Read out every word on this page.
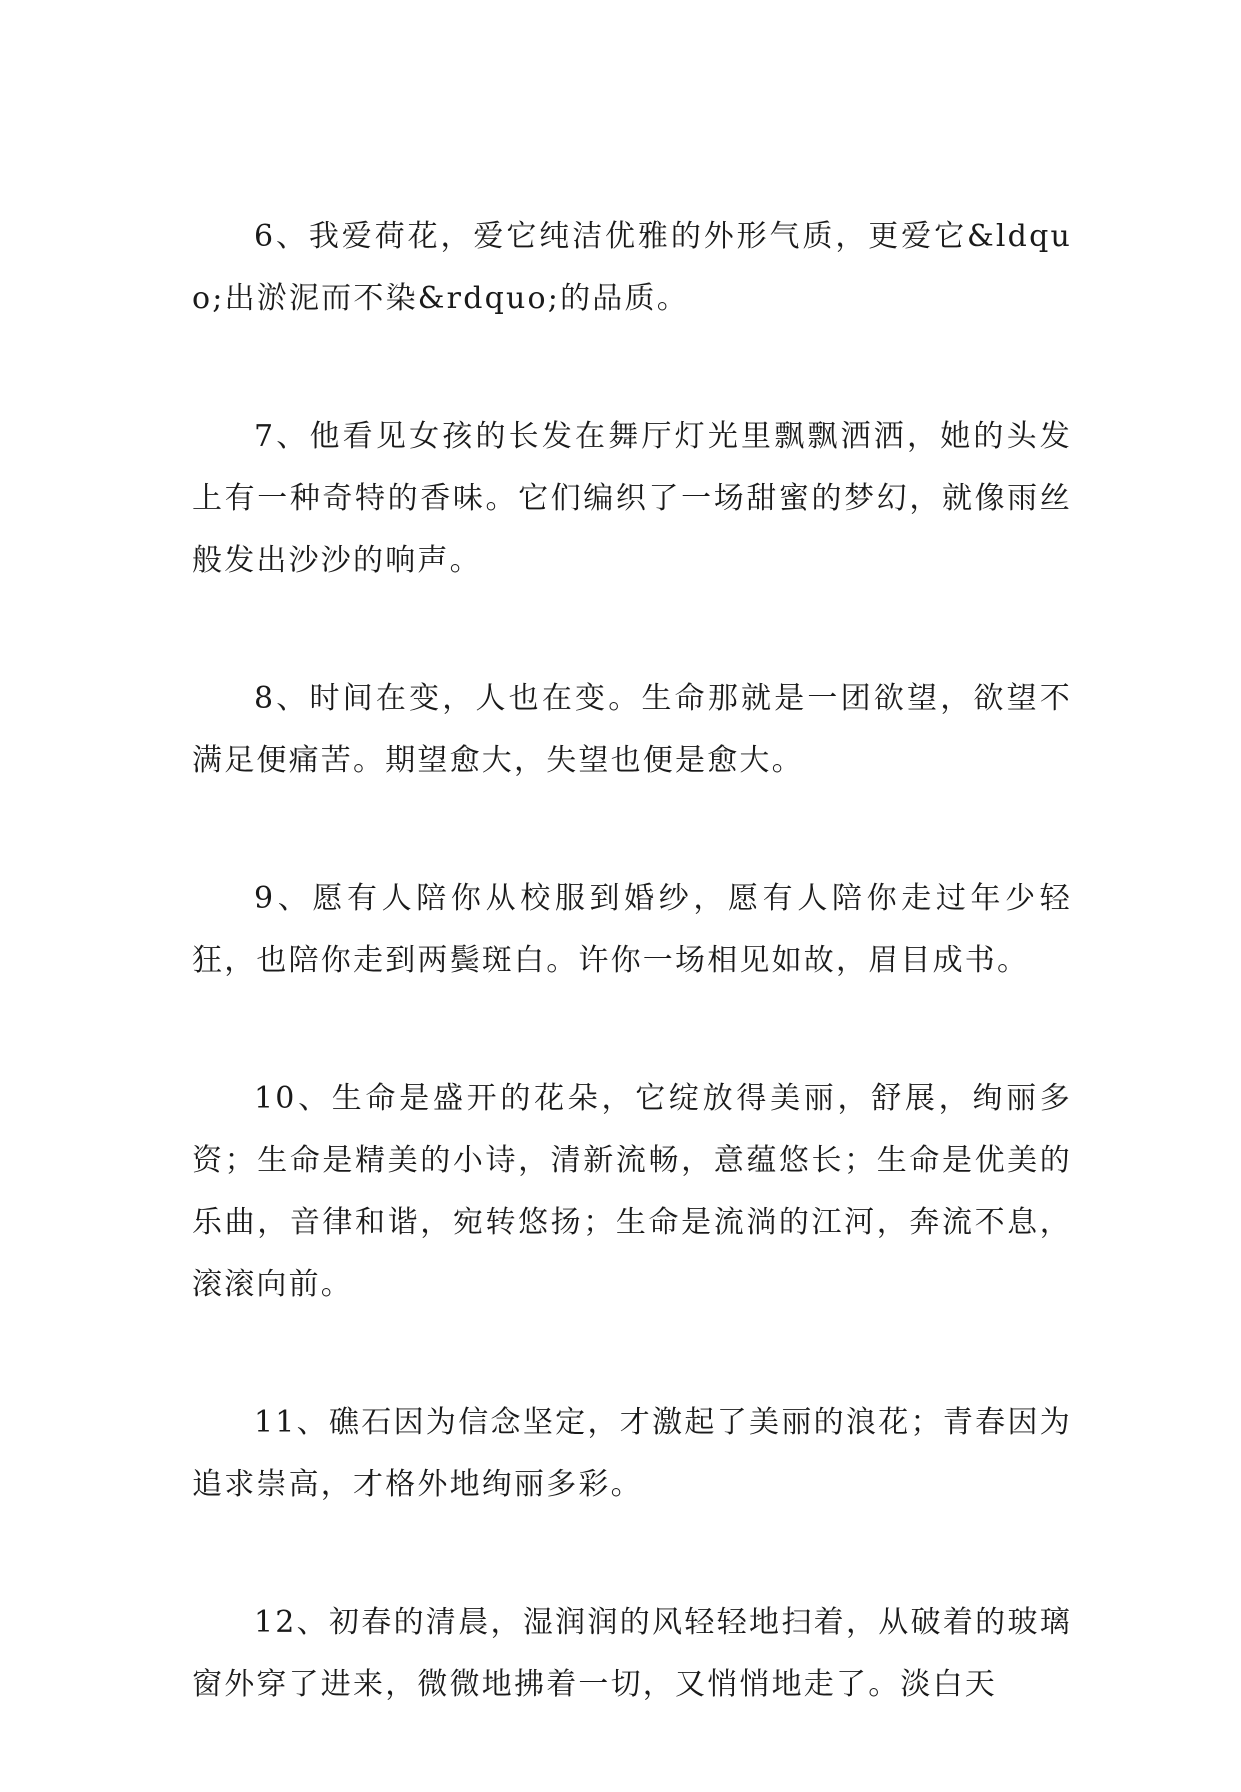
6、我爱荷花，爱它纯洁优雅的外形气质，更爱它&ldquo;出淤泥而不染&rdquo;的品质。

7、他看见女孩的长发在舞厅灯光里飘飘洒洒，她的头发上有一种奇特的香味。它们编织了一场甜蜜的梦幻，就像雨丝般发出沙沙的响声。

8、时间在变，人也在变。生命那就是一团欲望，欲望不满足便痛苦。期望愈大，失望也便是愈大。

9、愿有人陪你从校服到婚纱，愿有人陪你走过年少轻狂，也陪你走到两鬓斑白。许你一场相见如故，眉目成书。

10、生命是盛开的花朵，它绽放得美丽，舒展，绚丽多资；生命是精美的小诗，清新流畅，意蕴悠长；生命是优美的乐曲，音律和谐，宛转悠扬；生命是流淌的江河，奔流不息，滚滚向前。

11、礁石因为信念坚定，才激起了美丽的浪花；青春因为追求崇高，才格外地绚丽多彩。

12、初春的清晨，湿润润的风轻轻地扫着，从破着的玻璃窗外穿了进来，微微地拂着一切，又悄悄地走了。淡白天
